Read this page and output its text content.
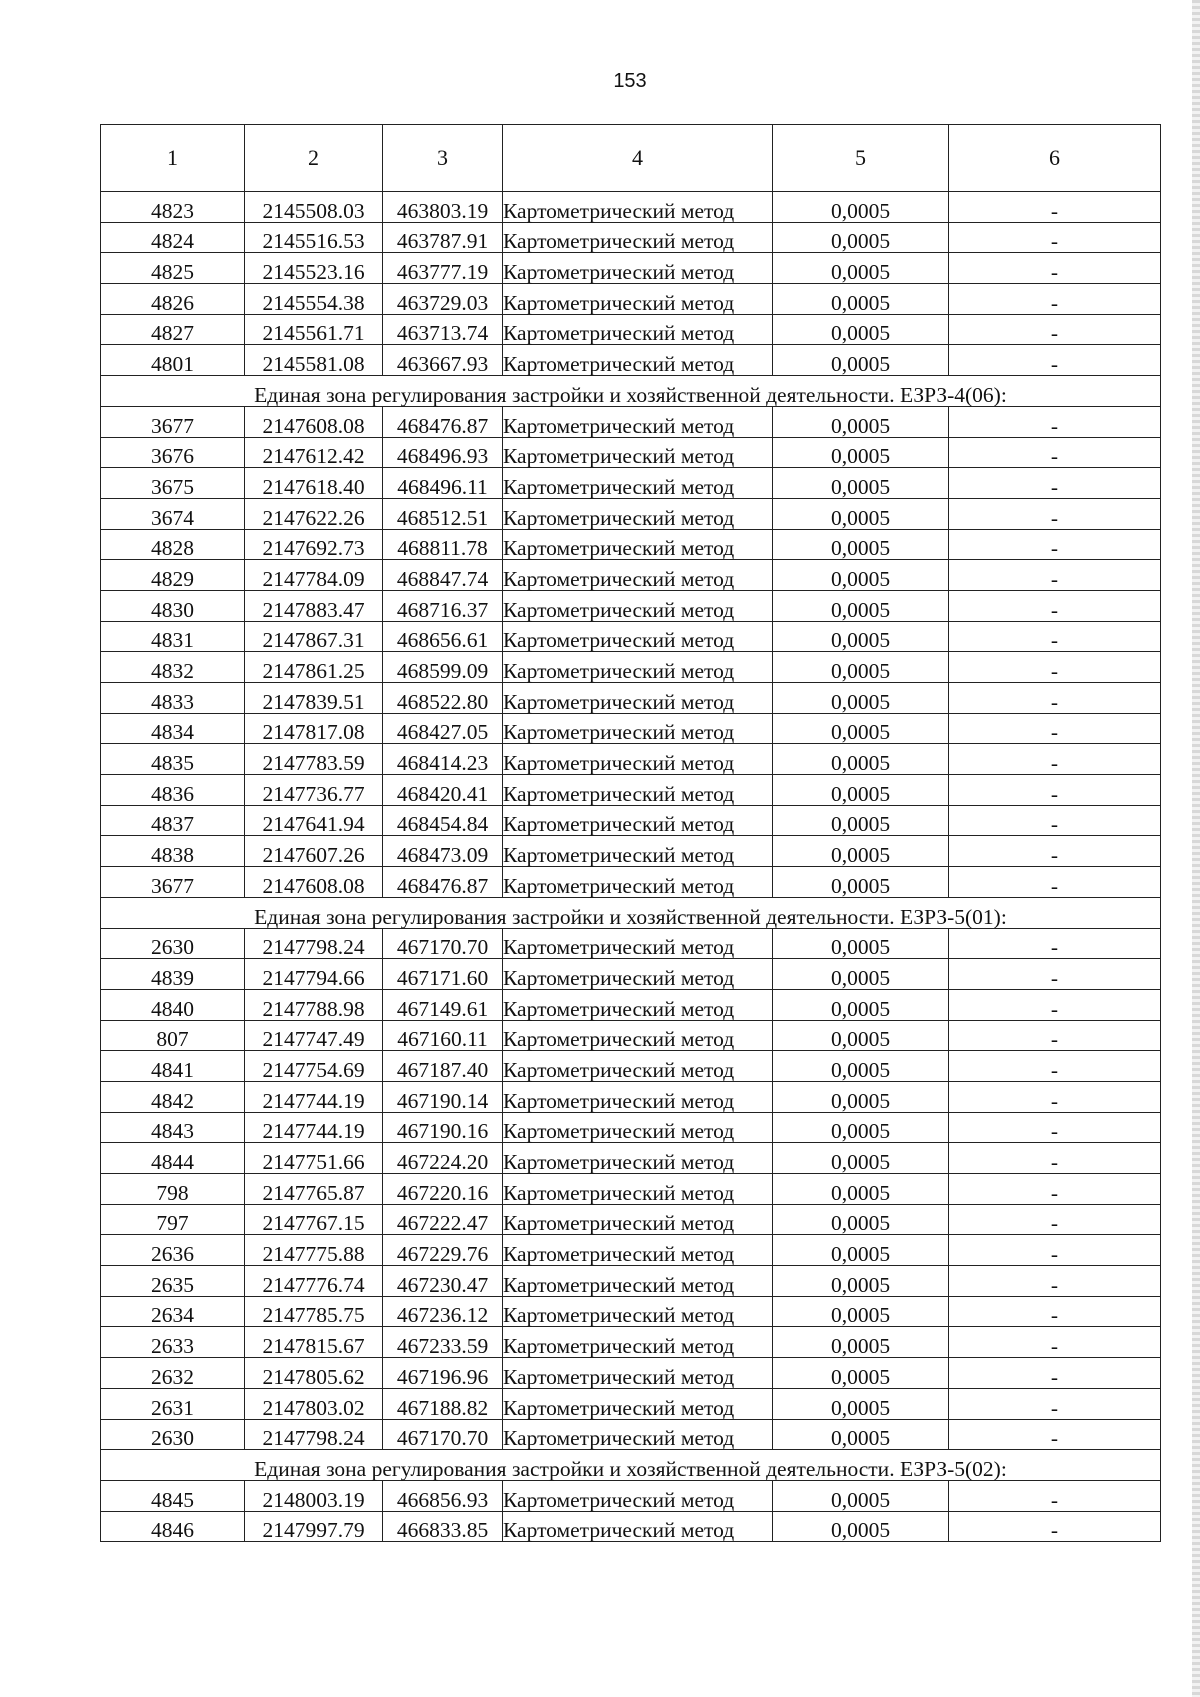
153
1	2	3	4	5	6
4823	2145508.03	463803.19	Картометрический метод	0,0005	-
4824	2145516.53	463787.91	Картометрический метод	0,0005	-
4825	2145523.16	463777.19	Картометрический метод	0,0005	-
4826	2145554.38	463729.03	Картометрический метод	0,0005	-
4827	2145561.71	463713.74	Картометрический метод	0,0005	-
4801	2145581.08	463667.93	Картометрический метод	0,0005	-
Единая зона регулирования застройки и хозяйственной деятельности. ЕЗРЗ-4(06):					
3677	2147608.08	468476.87	Картометрический метод	0,0005	-
3676	2147612.42	468496.93	Картометрический метод	0,0005	-
3675	2147618.40	468496.11	Картометрический метод	0,0005	-
3674	2147622.26	468512.51	Картометрический метод	0,0005	-
4828	2147692.73	468811.78	Картометрический метод	0,0005	-
4829	2147784.09	468847.74	Картометрический метод	0,0005	-
4830	2147883.47	468716.37	Картометрический метод	0,0005	-
4831	2147867.31	468656.61	Картометрический метод	0,0005	-
4832	2147861.25	468599.09	Картометрический метод	0,0005	-
4833	2147839.51	468522.80	Картометрический метод	0,0005	-
4834	2147817.08	468427.05	Картометрический метод	0,0005	-
4835	2147783.59	468414.23	Картометрический метод	0,0005	-
4836	2147736.77	468420.41	Картометрический метод	0,0005	-
4837	2147641.94	468454.84	Картометрический метод	0,0005	-
4838	2147607.26	468473.09	Картометрический метод	0,0005	-
3677	2147608.08	468476.87	Картометрический метод	0,0005	-
Единая зона регулирования застройки и хозяйственной деятельности. ЕЗРЗ-5(01):					
2630	2147798.24	467170.70	Картометрический метод	0,0005	-
4839	2147794.66	467171.60	Картометрический метод	0,0005	-
4840	2147788.98	467149.61	Картометрический метод	0,0005	-
807	2147747.49	467160.11	Картометрический метод	0,0005	-
4841	2147754.69	467187.40	Картометрический метод	0,0005	-
4842	2147744.19	467190.14	Картометрический метод	0,0005	-
4843	2147744.19	467190.16	Картометрический метод	0,0005	-
4844	2147751.66	467224.20	Картометрический метод	0,0005	-
798	2147765.87	467220.16	Картометрический метод	0,0005	-
797	2147767.15	467222.47	Картометрический метод	0,0005	-
2636	2147775.88	467229.76	Картометрический метод	0,0005	-
2635	2147776.74	467230.47	Картометрический метод	0,0005	-
2634	2147785.75	467236.12	Картометрический метод	0,0005	-
2633	2147815.67	467233.59	Картометрический метод	0,0005	-
2632	2147805.62	467196.96	Картометрический метод	0,0005	-
2631	2147803.02	467188.82	Картометрический метод	0,0005	-
2630	2147798.24	467170.70	Картометрический метод	0,0005	-
Единая зона регулирования застройки и хозяйственной деятельности. ЕЗРЗ-5(02):					
4845	2148003.19	466856.93	Картометрический метод	0,0005	-
4846	2147997.79	466833.85	Картометрический метод	0,0005	-
